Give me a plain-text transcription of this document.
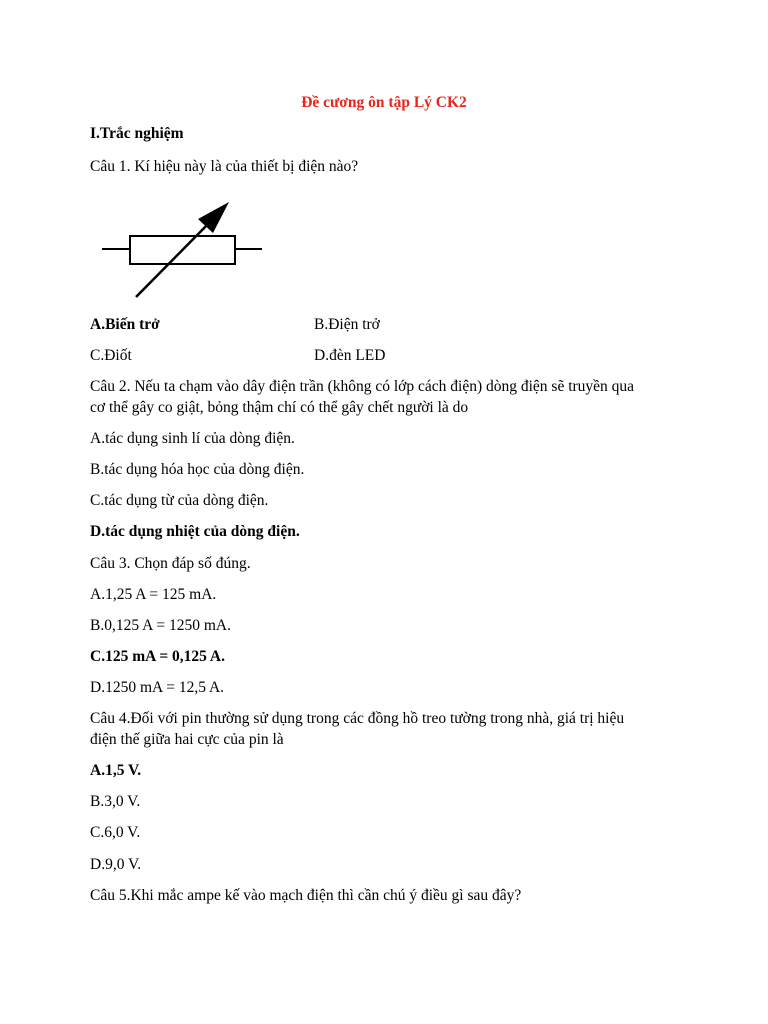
Đề cương ôn tập Lý CK2
I.Trắc nghiệm
Câu 1. Kí hiệu này là của thiết bị điện nào?
A.Biến trở	B.Điện trở
C.Điốt	D.đèn LED
Câu 2. Nếu ta chạm vào dây điện trần (không có lớp cách điện) dòng điện sẽ truyền qua
cơ thể gây co giật, bỏng thậm chí có thể gây chết người là do
A.tác dụng sinh lí của dòng điện.
B.tác dụng hóa học của dòng điện.
C.tác dụng từ của dòng điện.
D.tác dụng nhiệt của dòng điện.
Câu 3. Chọn đáp số đúng.
A.1,25 A = 125 mA.
B.0,125 A = 1250 mA.
C.125 mA = 0,125 A.
D.1250 mA = 12,5 A.
Câu 4.Đối với pin thường sử dụng trong các đồng hồ treo tường trong nhà, giá trị hiệu
điện thế giữa hai cực của pin là
A.1,5 V.
B.3,0 V.
C.6,0 V.
D.9,0 V.
Câu 5.Khi mắc ampe kế vào mạch điện thì cần chú ý điều gì sau đây?
